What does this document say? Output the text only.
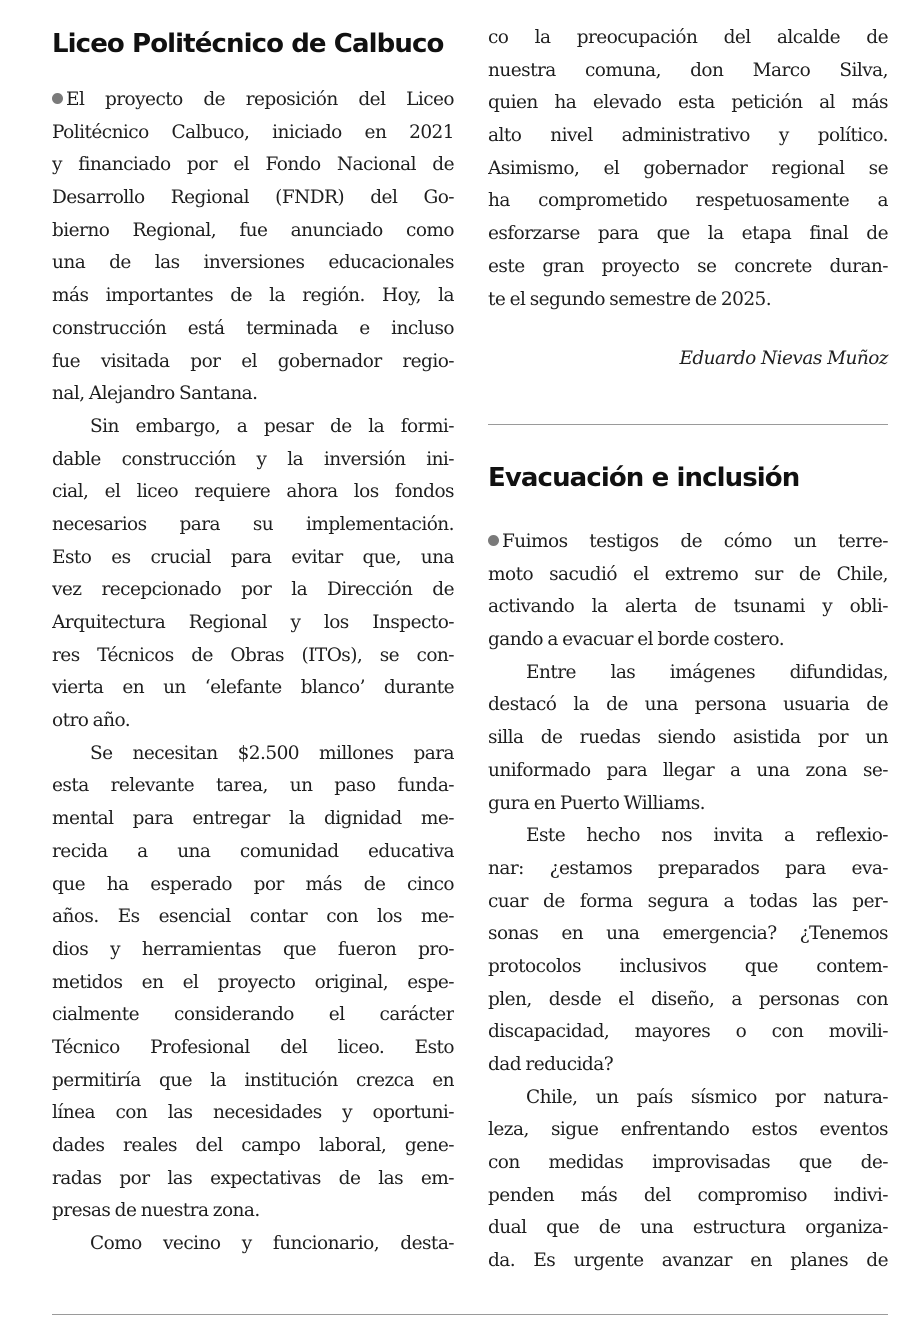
Liceo Politécnico de Calbuco
El proyecto de reposición del Liceo
Politécnico Calbuco, iniciado en 2021
y financiado por el Fondo Nacional de
Desarrollo Regional (FNDR) del Go-
bierno Regional, fue anunciado como
una de las inversiones educacionales
más importantes de la región. Hoy, la
construcción está terminada e incluso
fue visitada por el gobernador regio-
nal, Alejandro Santana.
Sin embargo, a pesar de la formi-
dable construcción y la inversión ini-
cial, el liceo requiere ahora los fondos
necesarios para su implementación.
Esto es crucial para evitar que, una
vez recepcionado por la Dirección de
Arquitectura Regional y los Inspecto-
res Técnicos de Obras (ITOs), se con-
vierta en un ‘elefante blanco’ durante
otro año.
Se necesitan $2.500 millones para
esta relevante tarea, un paso funda-
mental para entregar la dignidad me-
recida a una comunidad educativa
que ha esperado por más de cinco
años. Es esencial contar con los me-
dios y herramientas que fueron pro-
metidos en el proyecto original, espe-
cialmente considerando el carácter
Técnico Profesional del liceo. Esto
permitiría que la institución crezca en
línea con las necesidades y oportuni-
dades reales del campo laboral, gene-
radas por las expectativas de las em-
presas de nuestra zona.
Como vecino y funcionario, desta-
co la preocupación del alcalde de
nuestra comuna, don Marco Silva,
quien ha elevado esta petición al más
alto nivel administrativo y político.
Asimismo, el gobernador regional se
ha comprometido respetuosamente a
esforzarse para que la etapa final de
este gran proyecto se concrete duran-
te el segundo semestre de 2025.
Eduardo Nievas Muñoz
Evacuación e inclusión
Fuimos testigos de cómo un terre-
moto sacudió el extremo sur de Chile,
activando la alerta de tsunami y obli-
gando a evacuar el borde costero.
Entre las imágenes difundidas,
destacó la de una persona usuaria de
silla de ruedas siendo asistida por un
uniformado para llegar a una zona se-
gura en Puerto Williams.
Este hecho nos invita a reflexio-
nar: ¿estamos preparados para eva-
cuar de forma segura a todas las per-
sonas en una emergencia? ¿Tenemos
protocolos inclusivos que contem-
plen, desde el diseño, a personas con
discapacidad, mayores o con movili-
dad reducida?
Chile, un país sísmico por natura-
leza, sigue enfrentando estos eventos
con medidas improvisadas que de-
penden más del compromiso indivi-
dual que de una estructura organiza-
da. Es urgente avanzar en planes de
